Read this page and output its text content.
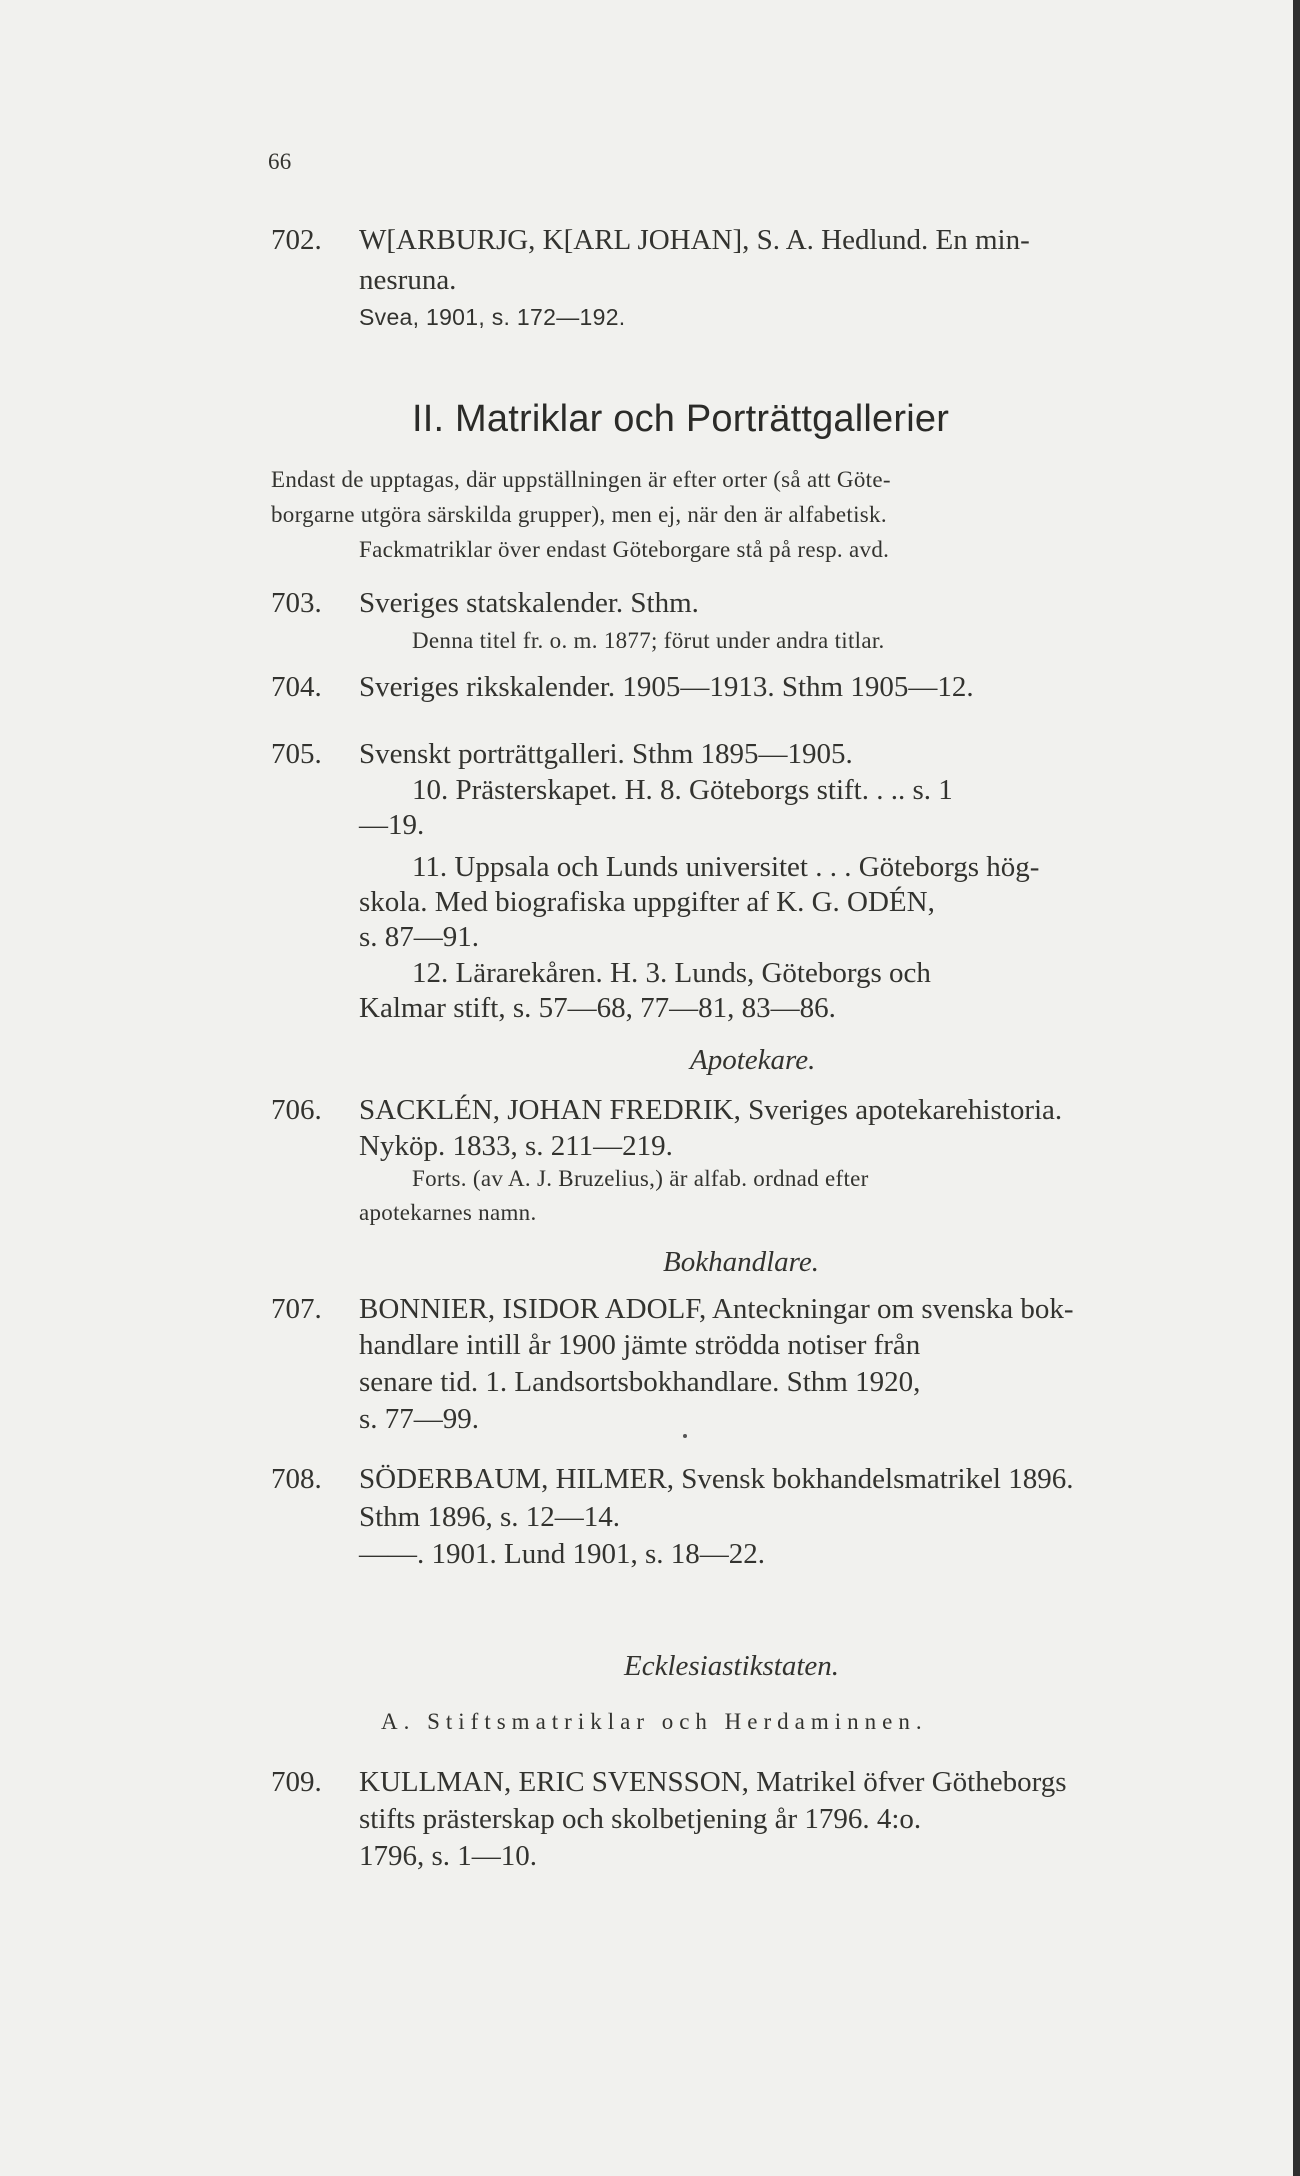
66
702. W[ARBURJG, K[ARL JOHAN], S. A. Hedlund. En min-
nesruna.
Svea, 1901, s. 172—192.
II. Matriklar och Porträttgallerier
Endast de upptagas, där uppställningen är efter orter (så att Göte-
borgarne utgöra särskilda grupper), men ej, när den är alfabetisk.
Fackmatriklar över endast Göteborgare stå på resp. avd.
703. Sveriges statskalender. Sthm.
Denna titel fr. o. m. 1877; förut under andra titlar.
704. Sveriges rikskalender. 1905—1913. Sthm 1905—12.
705. Svenskt porträttgalleri. Sthm 1895—1905.
10. Prästerskapet. H. 8. Göteborgs stift. . .. s. 1
—19.
11. Uppsala och Lunds universitet . . . Göteborgs hög-
skola. Med biografiska uppgifter af K. G. ODÉN,
s. 87—91.
12. Lärarekåren. H. 3. Lunds, Göteborgs och
Kalmar stift, s. 57—68, 77—81, 83—86.
Apotekare.
706. SACKLÉN, JOHAN FREDRIK, Sveriges apotekarehistoria.
Nyköp. 1833, s. 211—219.
Forts. (av A. J. Bruzelius,) är alfab. ordnad efter
apotekarnes namn.
Bokhandlare.
707. BONNIER, ISIDOR ADOLF, Anteckningar om svenska bok-
handlare intill år 1900 jämte strödda notiser från
senare tid. 1. Landsortsbokhandlare. Sthm 1920,
s. 77—99.
708. SÖDERBAUM, HILMER, Svensk bokhandelsmatrikel 1896.
Sthm 1896, s. 12—14.
——. 1901. Lund 1901, s. 18—22.
Ecklesiastikstaten.
A. Stiftsmatriklar och Herdaminnen.
709. KULLMAN, ERIC SVENSSON, Matrikel öfver Götheborgs
stifts prästerskap och skolbetjening år 1796. 4:o.
1796, s. 1—10.
